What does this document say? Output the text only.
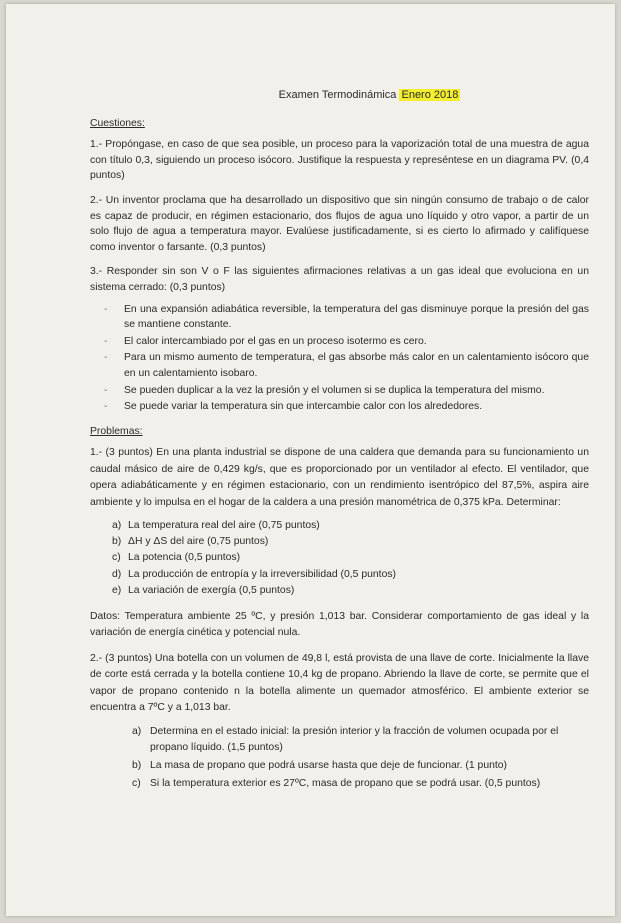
Examen Termodinámica Enero 2018
Cuestiones:

1.- Propóngase, en caso de que sea posible, un proceso para la vaporización total de una muestra de agua con título 0,3, siguiendo un proceso isócoro. Justifique la respuesta y represéntese en un diagrama PV. (0,4 puntos)

2.- Un inventor proclama que ha desarrollado un dispositivo que sin ningún consumo de trabajo o de calor es capaz de producir, en régimen estacionario, dos flujos de agua uno líquido y otro vapor, a partir de un solo flujo de agua a temperatura mayor. Evalúese justificadamente, si es cierto lo afirmado y califíquese como inventor o farsante. (0,3 puntos)

3.- Responder sin son V o F las siguientes afirmaciones relativas a un gas ideal que evoluciona en un sistema cerrado: (0,3 puntos)

- En una expansión adiabática reversible, la temperatura del gas disminuye porque la presión del gas se mantiene constante.
- El calor intercambiado por el gas en un proceso isotermo es cero.
- Para un mismo aumento de temperatura, el gas absorbe más calor en un calentamiento isócoro que en un calentamiento isobaro.
- Se pueden duplicar a la vez la presión y el volumen si se duplica la temperatura del mismo.
- Se puede variar la temperatura sin que intercambie calor con los alrededores.
Problemas:

1.- (3 puntos) En una planta industrial se dispone de una caldera que demanda para su funcionamiento un caudal másico de aire de 0,429 kg/s, que es proporcionado por un ventilador al efecto. El ventilador, que opera adiabáticamente y en régimen estacionario, con un rendimiento isentrópico del 87,5%, aspira aire ambiente y lo impulsa en el hogar de la caldera a una presión manométrica de 0,375 kPa. Determinar:

a) La temperatura real del aire (0,75 puntos)
b) ΔH y ΔS del aire (0,75 puntos)
c) La potencia (0,5 puntos)
d) La producción de entropía y la irreversibilidad (0,5 puntos)
e) La variación de exergía (0,5 puntos)

Datos: Temperatura ambiente 25 ºC, y presión 1,013 bar. Considerar comportamiento de gas ideal y la variación de energía cinética y potencial nula.

2.- (3 puntos) Una botella con un volumen de 49,8 l, está provista de una llave de corte. Inicialmente la llave de corte está cerrada y la botella contiene 10,4 kg de propano. Abriendo la llave de corte, se permite que el vapor de propano contenido n la botella alimente un quemador atmosférico. El ambiente exterior se encuentra a 7ºC y a 1,013 bar.

a) Determina en el estado inicial: la presión interior y la fracción de volumen ocupada por el propano líquido. (1,5 puntos)
b) La masa de propano que podrá usarse hasta que deje de funcionar. (1 punto)
c) Si la temperatura exterior es 27ºC, masa de propano que se podrá usar. (0,5 puntos)
